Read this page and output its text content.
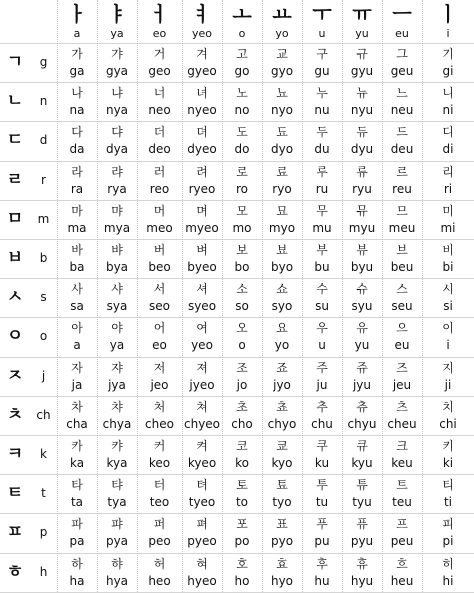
ㅏ
a
ㅑ
ya
ㅓ
eo
ㅕ
yeo
ㅗ
o
ㅛ
yo
ㅜ
u
ㅠ
yu
ㅡ
eu
ㅣ
i
ㄱ	g
가
ga
갸
gya
거
geo
겨
gyeo
고
go
교
gyo
구
gu
규
gyu
그
geu
기
gi
ㄴ	n
나
na
냐
nya
너
neo
녀
nyeo
노
no
뇨
nyo
누
nu
뉴
nyu
느
neu
니
ni
ㄷ	d
다
da
댜
dya
더
deo
뎌
dyeo
도
do
됴
dyo
두
du
듀
dyu
드
deu
디
di
ㄹ	r
라
ra
랴
rya
러
reo
려
ryeo
로
ro
료
ryo
루
ru
류
ryu
르
reu
리
ri
ㅁ	m
마
ma
먀
mya
머
meo
며
myeo
모
mo
묘
myo
무
mu
뮤
myu
므
meu
미
mi
ㅂ	b
바
ba
뱌
bya
버
beo
벼
byeo
보
bo
뵤
byo
부
bu
뷰
byu
브
beu
비
bi
ㅅ	s
사
sa
샤
sya
서
seo
셔
syeo
소
so
쇼
syo
수
su
슈
syu
스
seu
시
si
ㅇ	o
아
a
야
ya
어
eo
여
yeo
오
o
요
yo
우
u
유
yu
으
eu
이
i
ㅈ	j
자
ja
쟈
jya
저
jeo
져
jyeo
조
jo
죠
jyo
주
ju
쥬
jyu
즈
jeu
지
ji
ㅊ	ch
차
cha
챠
chya
처
cheo
쳐
chyeo
초
cho
쵸
chyo
추
chu
츄
chyu
츠
cheu
치
chi
ㅋ	k
카
ka
캬
kya
커
keo
켜
kyeo
코
ko
쿄
kyo
쿠
ku
큐
kyu
크
keu
키
ki
ㅌ	t
타
ta
탸
tya
터
teo
텨
tyeo
토
to
툐
tyo
투
tu
튜
tyu
트
teu
티
ti
ㅍ	p
파
pa
퍄
pya
퍼
peo
펴
pyeo
포
po
표
pyo
푸
pu
퓨
pyu
프
peu
피
pi
ㅎ	h
하
ha
햐
hya
허
heo
혀
hyeo
호
ho
효
hyo
후
hu
휴
hyu
흐
heu
히
hi
